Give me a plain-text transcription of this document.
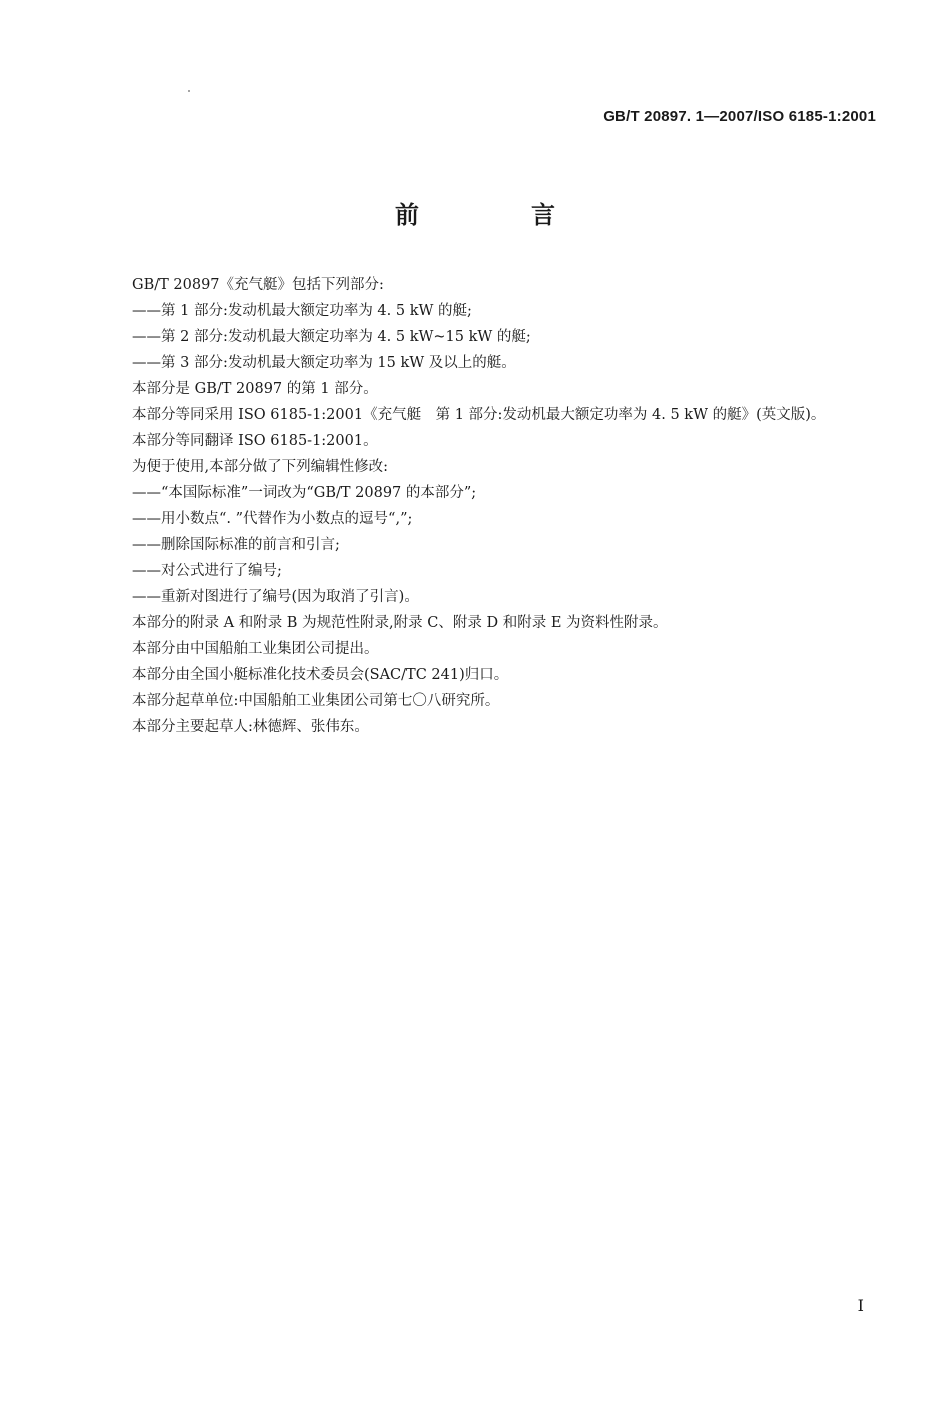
GB/T 20897. 1—2007/ISO 6185-1:2001
前　言

GB/T 20897《充气艇》包括下列部分:

——第 1 部分:发动机最大额定功率为 4. 5 kW 的艇;

——第 2 部分:发动机最大额定功率为 4. 5 kW~15 kW 的艇;

——第 3 部分:发动机最大额定功率为 15 kW 及以上的艇。

本部分是 GB/T 20897 的第 1 部分。

本部分等同采用 ISO 6185-1:2001《充气艇　第 1 部分:发动机最大额定功率为 4. 5 kW 的艇》(英文版)。

本部分等同翻译 ISO 6185-1:2001。

为便于使用,本部分做了下列编辑性修改:

——“本国际标准”一词改为“GB/T 20897 的本部分”;

——用小数点“. ”代替作为小数点的逗号“,”;

——删除国际标准的前言和引言;

——对公式进行了编号;

——重新对图进行了编号(因为取消了引言)。

本部分的附录 A 和附录 B 为规范性附录,附录 C、附录 D 和附录 E 为资料性附录。

本部分由中国船舶工业集团公司提出。

本部分由全国小艇标准化技术委员会(SAC/TC 241)归口。

本部分起草单位:中国船舶工业集团公司第七〇八研究所。

本部分主要起草人:林德辉、张伟东。

I
